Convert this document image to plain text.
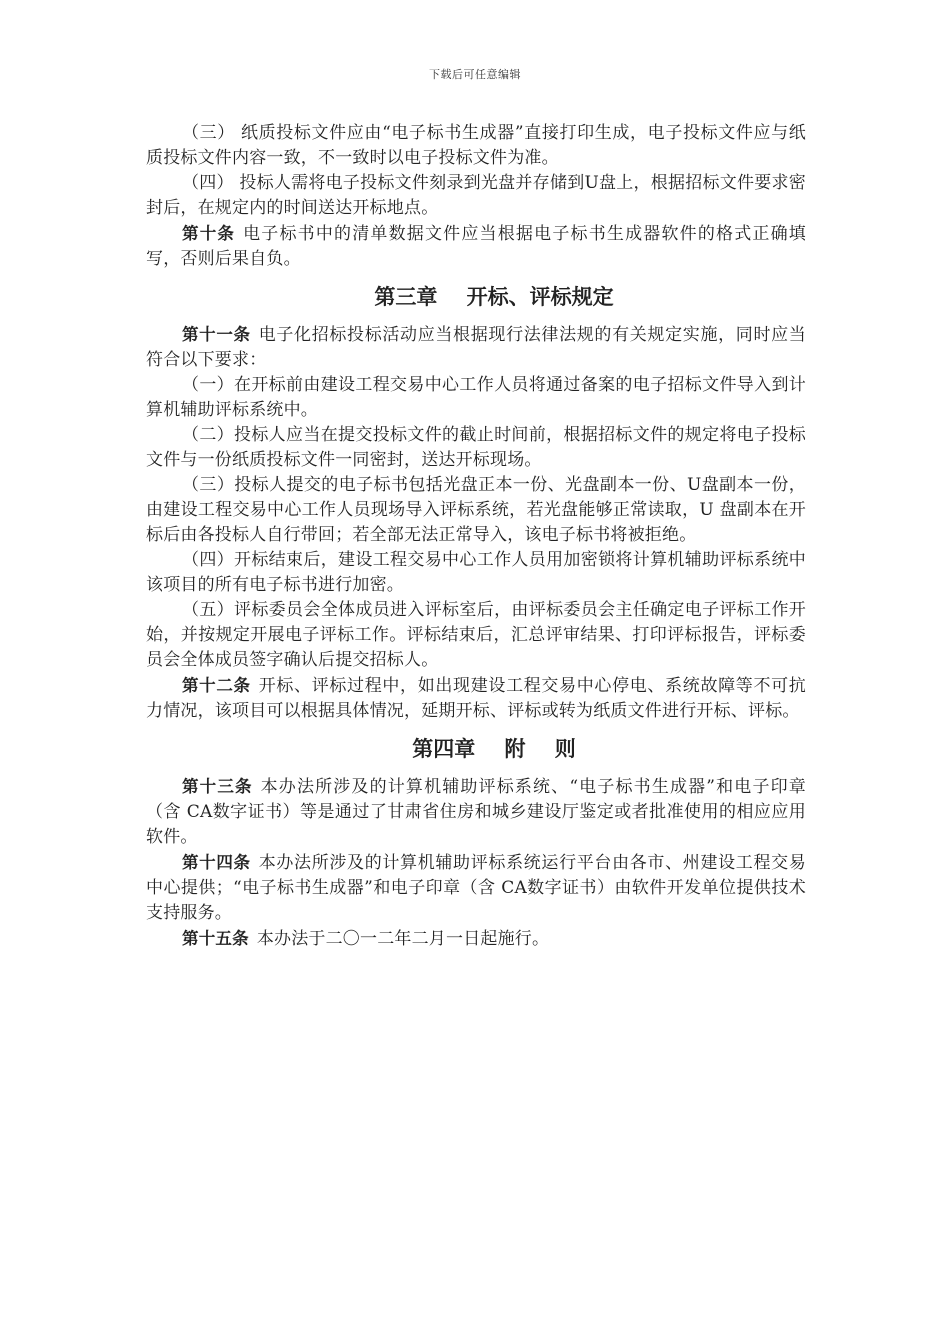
下载后可任意编辑

（三） 纸质投标文件应由“电子标书生成器”直接打印生成，电子投标文件应与纸质投标文件内容一致，不一致时以电子投标文件为准。

（四） 投标人需将电子投标文件刻录到光盘并存储到U盘上，根据招标文件要求密封后，在规定内的时间送达开标地点。

第十条 电子标书中的清单数据文件应当根据电子标书生成器软件的格式正确填写，否则后果自负。

第三章    开标、评标规定

第十一条 电子化招标投标活动应当根据现行法律法规的有关规定实施，同时应当符合以下要求：

（一）在开标前由建设工程交易中心工作人员将通过备案的电子招标文件导入到计算机辅助评标系统中。

（二）投标人应当在提交投标文件的截止时间前，根据招标文件的规定将电子投标文件与一份纸质投标文件一同密封，送达开标现场。

（三）投标人提交的电子标书包括光盘正本一份、光盘副本一份、U盘副本一份，由建设工程交易中心工作人员现场导入评标系统，若光盘能够正常读取，U 盘副本在开标后由各投标人自行带回；若全部无法正常导入，该电子标书将被拒绝。

（四）开标结束后，建设工程交易中心工作人员用加密锁将计算机辅助评标系统中该项目的所有电子标书进行加密。

（五）评标委员会全体成员进入评标室后，由评标委员会主任确定电子评标工作开始，并按规定开展电子评标工作。评标结束后，汇总评审结果、打印评标报告，评标委员会全体成员签字确认后提交招标人。

第十二条 开标、评标过程中，如出现建设工程交易中心停电、系统故障等不可抗力情况，该项目可以根据具体情况，延期开标、评标或转为纸质文件进行开标、评标。

第四章    附    则

第十三条 本办法所涉及的计算机辅助评标系统、“电子标书生成器”和电子印章（含 CA数字证书）等是通过了甘肃省住房和城乡建设厅鉴定或者批准使用的相应应用软件。

第十四条 本办法所涉及的计算机辅助评标系统运行平台由各市、州建设工程交易中心提供；“电子标书生成器”和电子印章（含 CA数字证书）由软件开发单位提供技术支持服务。

第十五条 本办法于二〇一二年二月一日起施行。
